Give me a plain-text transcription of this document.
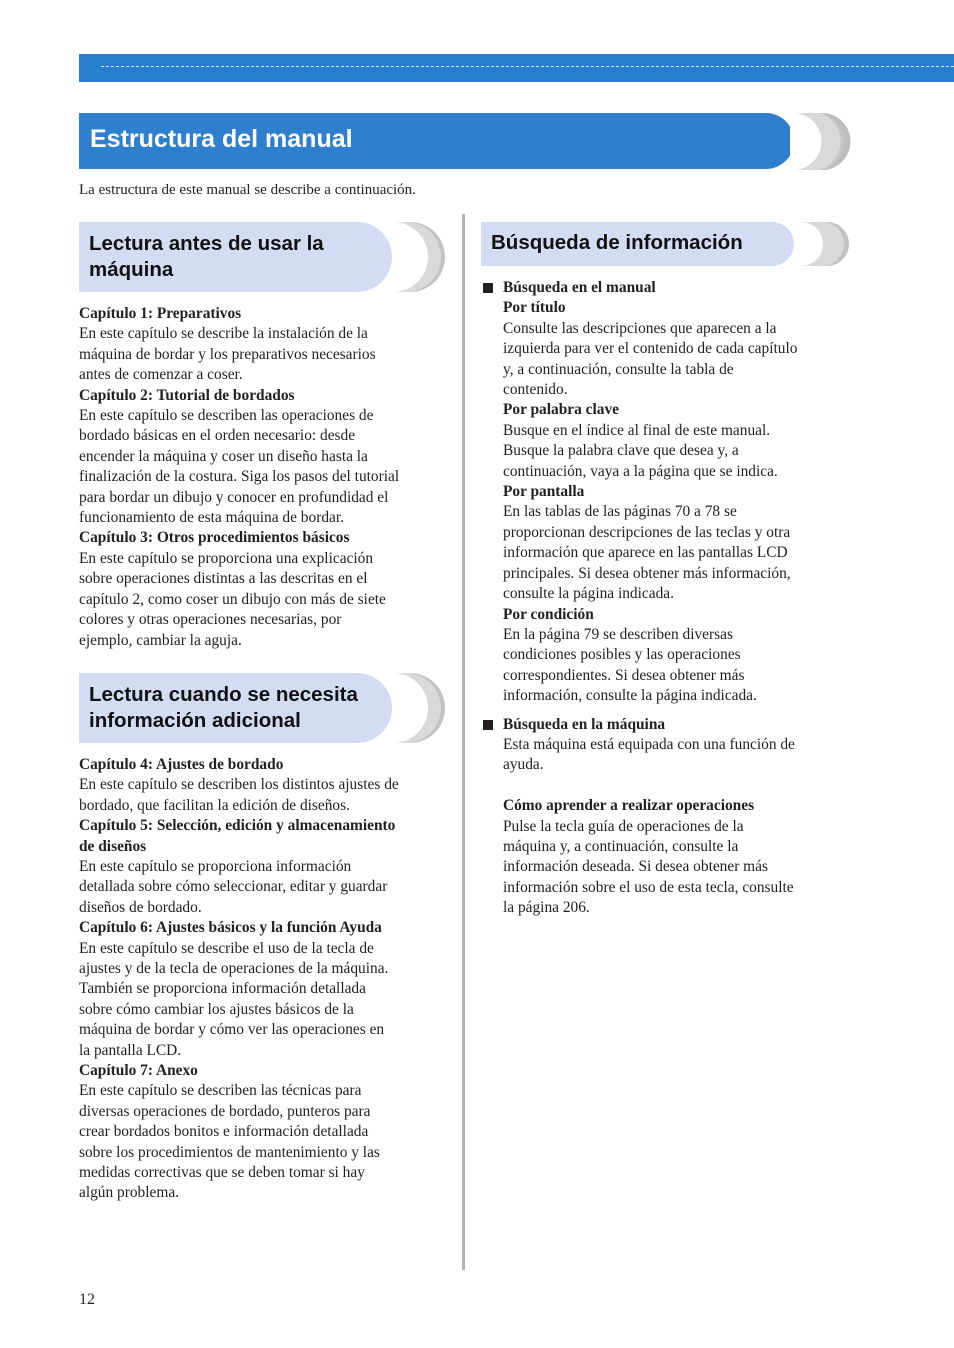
Estructura del manual
La estructura de este manual se describe a continuación.
Lectura antes de usar la
máquina

Capítulo 1: Preparativos

En este capítulo se describe la instalación de la

máquina de bordar y los preparativos necesarios

antes de comenzar a coser.

Capítulo 2: Tutorial de bordados

En este capítulo se describen las operaciones de

bordado básicas en el orden necesario: desde

encender la máquina y coser un diseño hasta la

finalización de la costura. Siga los pasos del tutorial

para bordar un dibujo y conocer en profundidad el

funcionamiento de esta máquina de bordar.

Capítulo 3: Otros procedimientos básicos

En este capítulo se proporciona una explicación

sobre operaciones distintas a las descritas en el

capítulo 2, como coser un dibujo con más de siete

colores y otras operaciones necesarias, por

ejemplo, cambiar la aguja.

Lectura cuando se necesita
información adicional

Capítulo 4: Ajustes de bordado

En este capítulo se describen los distintos ajustes de

bordado, que facilitan la edición de diseños.

Capítulo 5: Selección, edición y almacenamiento

de diseños

En este capítulo se proporciona información

detallada sobre cómo seleccionar, editar y guardar

diseños de bordado.

Capítulo 6: Ajustes básicos y la función Ayuda

En este capítulo se describe el uso de la tecla de

ajustes y de la tecla de operaciones de la máquina.

También se proporciona información detallada

sobre cómo cambiar los ajustes básicos de la

máquina de bordar y cómo ver las operaciones en

la pantalla LCD.

Capítulo 7: Anexo

En este capítulo se describen las técnicas para

diversas operaciones de bordado, punteros para

crear bordados bonitos e información detallada

sobre los procedimientos de mantenimiento y las

medidas correctivas que se deben tomar si hay

algún problema.

Búsqueda de información
Búsqueda en el manual

Por título

Consulte las descripciones que aparecen a la

izquierda para ver el contenido de cada capítulo

y, a continuación, consulte la tabla de

contenido.

Por palabra clave

Busque en el índice al final de este manual.

Busque la palabra clave que desea y, a

continuación, vaya a la página que se indica.

Por pantalla

En las tablas de las páginas 70 a 78 se

proporcionan descripciones de las teclas y otra

información que aparece en las pantallas LCD

principales. Si desea obtener más información,

consulte la página indicada.

Por condición

En la página 79 se describen diversas

condiciones posibles y las operaciones

correspondientes. Si desea obtener más

información, consulte la página indicada.

Búsqueda en la máquina

Esta máquina está equipada con una función de

ayuda.

Cómo aprender a realizar operaciones

Pulse la tecla guía de operaciones de la

máquina y, a continuación, consulte la

información deseada. Si desea obtener más

información sobre el uso de esta tecla, consulte

la página 206.

12
